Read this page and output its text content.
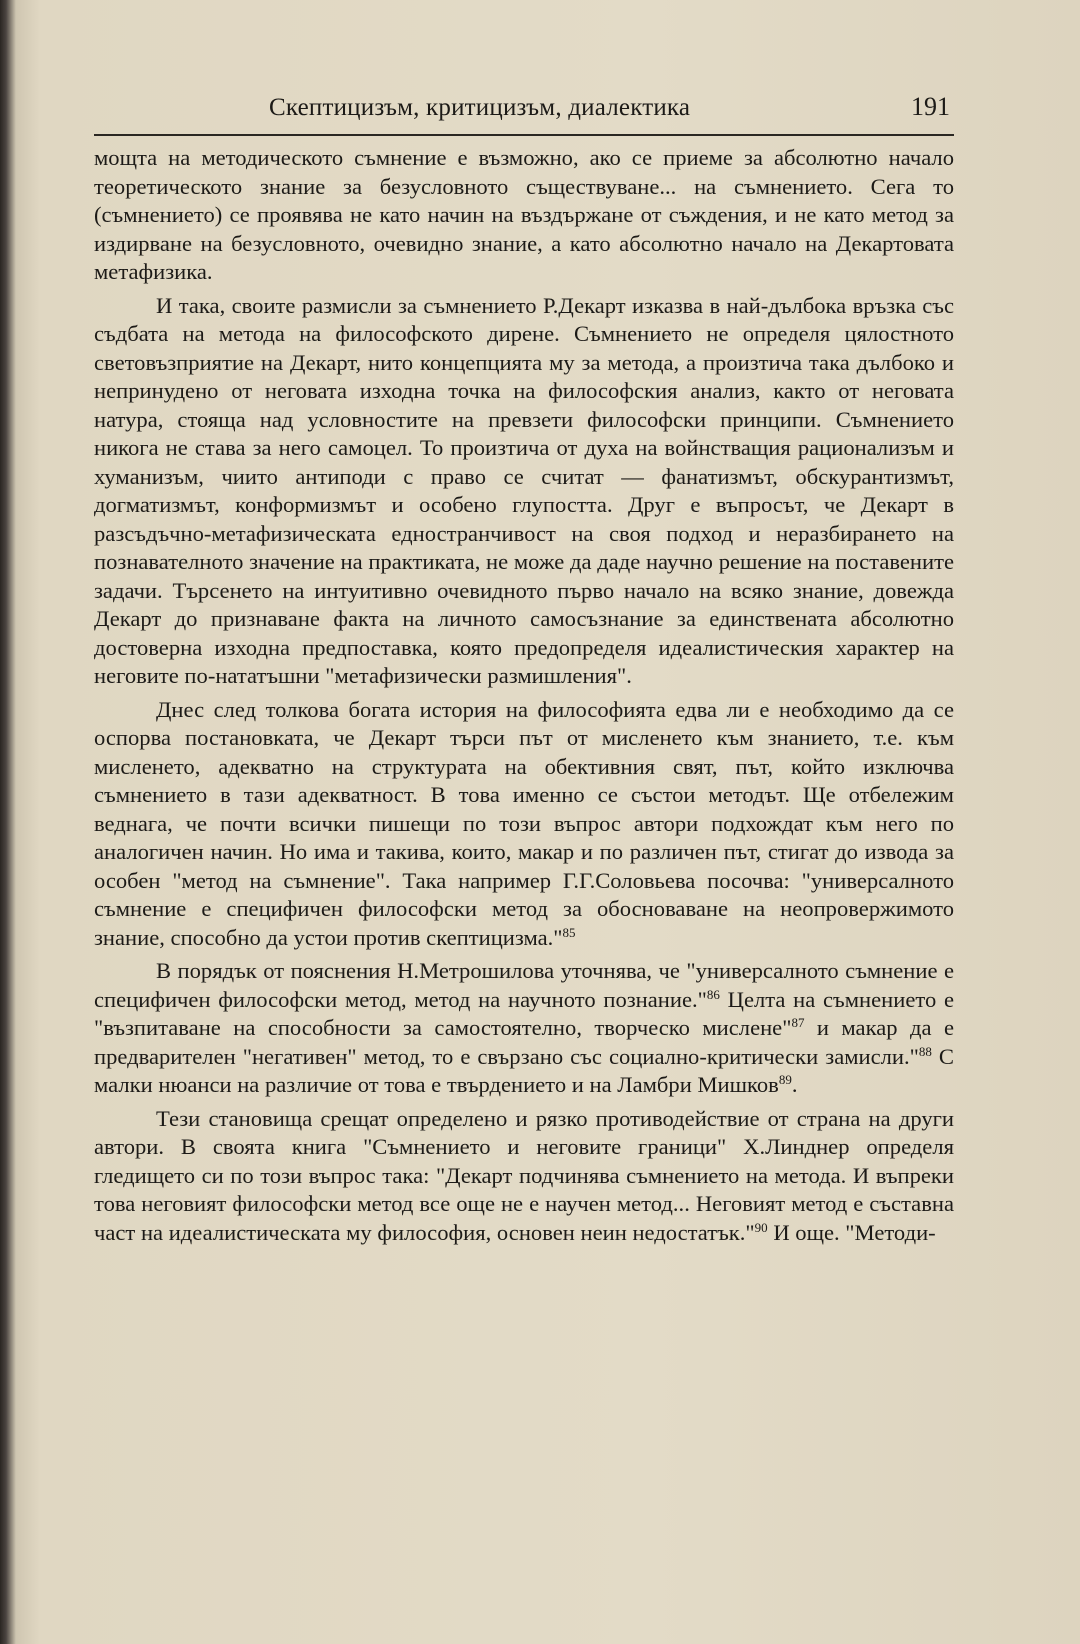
Скептицизъм, критицизъм, диалектика	191

мощта на методическото съмнение е възможно, ако се приеме за абсолютно начало теоретическото знание за безусловното съществуване... на съмнението. Сега то (съмнението) се проявява не като начин на въздържане от съждения, и не като метод за издирване на безусловното, очевидно знание, а като абсолютно начало на Декартовата метафизика.

И така, своите размисли за съмнението Р.Декарт изказва в най-дълбока връзка със съдбата на метода на философското дирене. Съмнението не определя цялостното световъзприятие на Декарт, нито концепцията му за метода, а произтича така дълбоко и непринудено от неговата изходна точка на философския анализ, както от неговата натура, стояща над условностите на превзети философски принципи. Съмнението никога не става за него самоцел. То произтича от духа на войнстващия рационализъм и хуманизъм, чиито антиподи с право се считат — фанатизмът, обскурантизмът, догматизмът, конформизмът и особено глупостта. Друг е въпросът, че Декарт в разсъдъчно-метафизическата едностранчивост на своя подход и неразбирането на познавателното значение на практиката, не може да даде научно решение на поставените задачи. Търсенето на интуитивно очевидното първо начало на всяко знание, довежда Декарт до признаване факта на личното самосъзнание за единствената абсолютно достоверна изходна предпоставка, която предопределя идеалистическия характер на неговите по-нататъшни "метафизически размишления".

Днес след толкова богата история на философията едва ли е необходимо да се оспорва постановката, че Декарт търси път от мисленето към знанието, т.е. към мисленето, адекватно на структурата на обективния свят, път, който изключва съмнението в тази адекватност. В това именно се състои методът. Ще отбележим веднага, че почти всички пишещи по този въпрос автори подхождат към него по аналогичен начин. Но има и такива, които, макар и по различен път, стигат до извода за особен "метод на съмнение". Така например Г.Г.Соловьева посочва: "универсалното съмнение е специфичен философски метод за обосноваване на неопровержимото знание, способно да устои против скептицизма."$^{85}$

В порядък от пояснения Н.Метрошилова уточнява, че "универсалното съмнение е специфичен философски метод, метод на научното познание."$^{86}$ Целта на съмнението е "възпитаване на способности за самостоятелно, творческо мислене"$^{87}$ и макар да е предварителен "негативен" метод, то е свързано със социално-критически замисли."$^{88}$ С малки нюанси на различие от това е твърдението и на Ламбри Мишков$^{89}$.

Тези становища срещат определено и рязко противодействие от страна на други автори. В своята книга "Съмнението и неговите граници" Х.Линднер определя гледището си по този въпрос така: "Декарт подчинява съмнението на метода. И въпреки това неговият философски метод все още не е научен метод... Неговият метод е съставна част на идеалистическата му философия, основен неин недостатък."$^{90}$ И още. "Методи-
